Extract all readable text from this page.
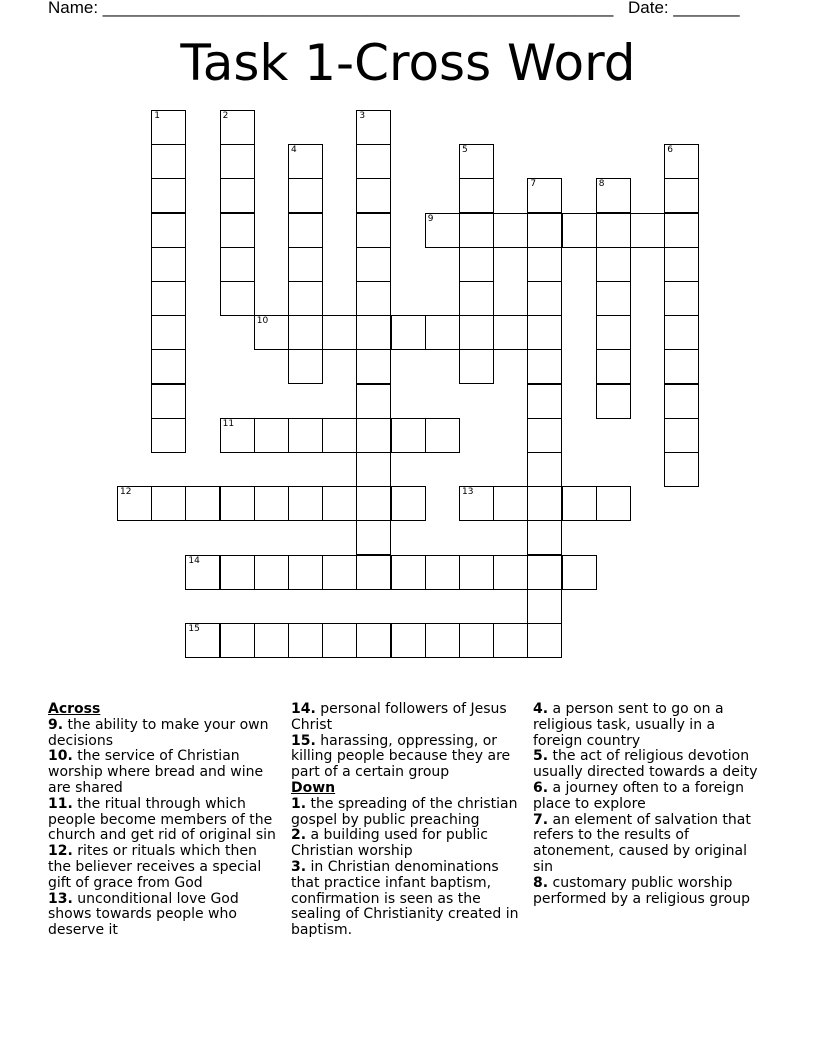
Name: ______________________________________________________

Date: _______

Task 1-Cross Word
1	2	3
4	5	6
7	8
9
10
11
12	13
14
15
Across
9. the ability to make your own decisions
10. the service of Christian worship where bread and wine are shared
11. the ritual through which people become members of the church and get rid of original sin
12. rites or rituals which then the believer receives a special gift of grace from God
13. unconditional love God shows towards people who deserve it
14. personal followers of Jesus Christ
15. harassing, oppressing, or killing people because they are part of a certain group
Down
1. the spreading of the christian gospel by public preaching
2. a building used for public Christian worship
3. in Christian denominations that practice infant baptism, confirmation is seen as the sealing of Christianity created in baptism.
4. a person sent to go on a religious task, usually in a foreign country
5. the act of religious devotion usually directed towards a deity
6. a journey often to a foreign place to explore
7. an element of salvation that refers to the results of atonement, caused by original sin
8. customary public worship performed by a religious group
